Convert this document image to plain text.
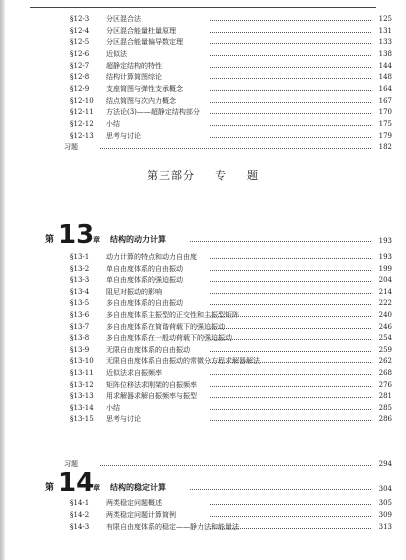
§12-3 分区混合法	125
§12-4 分区混合能量杜量原理	131
§12-5 分区混合能量偏导数定理	133
§12-6 近似法	138
§12-7 超静定结构的特性	144
§12-8 结构计算简图综论	148
§12-9 支座简图与弹性支承概念	164
§12-10 结点简图与次内力概念	167
§12-11 方法论(3)——超静定结构部分	170
§12-12 小结	175
§12-13 思考与讨论	179
习题	182
第三部分 专 题
第 13
章 结构的动力计算	193
§13-1 动力计算的特点和动力自由度	193
§13-2 单自由度体系的自由振动	199
§13-3 单自由度体系的强迫振动	204
§13-4 阻尼对振动的影响	214
§13-5 多自由度体系的自由振动	222
§13-6 多自由度体系主振型的正交性和主振型矩阵	240
§13-7 多自由度体系在简谐荷载下的强迫振动	246
§13-8 多自由度体系在一般动荷载下的强迫振动	254
§13-9 无限自由度体系的自由振动	259
§13-10 无限自由度体系自由振动的常微分方程求解器解法	262
§13-11 近似法求自振频率	268
§13-12 矩阵位移法求刚架的自振频率	276
§13-13 用求解器求解自振频率与振型	281
§13-14 小结	285
§13-15 思考与讨论	286
习题	294
第 14
章 结构的稳定计算	304
§14-1 两类稳定问题概述	305
§14-2 两类稳定问题计算简例	309
§14-3 有限自由度体系的稳定——静力法和能量法	313
